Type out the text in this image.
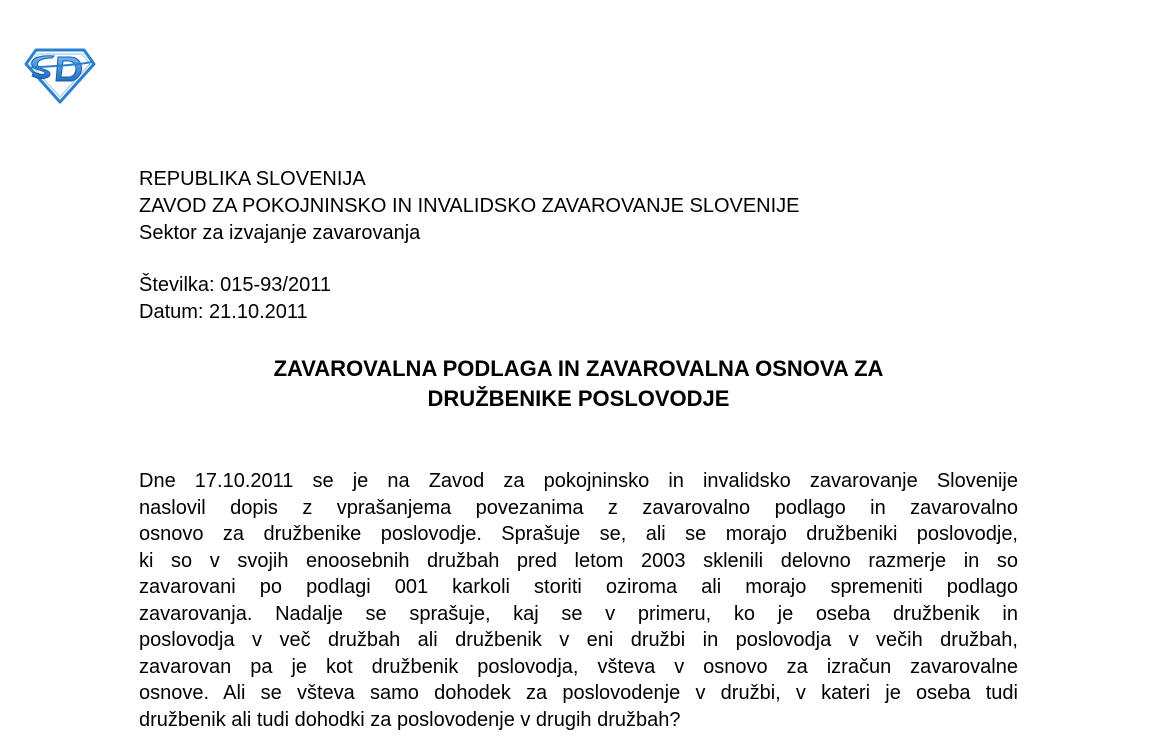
REPUBLIKA SLOVENIJA
ZAVOD ZA POKOJNINSKO IN INVALIDSKO ZAVAROVANJE SLOVENIJE
Sektor za izvajanje zavarovanja
Številka: 015-93/2011
Datum: 21.10.2011
ZAVAROVALNA PODLAGA IN ZAVAROVALNA OSNOVA ZA
DRUŽBENIKE POSLOVODJE
Dne 17.10.2011 se je na Zavod za pokojninsko in invalidsko zavarovanje Slovenije
naslovil dopis z vprašanjema povezanima z zavarovalno podlago in zavarovalno
osnovo za družbenike poslovodje. Sprašuje se, ali se morajo družbeniki poslovodje,
ki so v svojih enoosebnih družbah pred letom 2003 sklenili delovno razmerje in so
zavarovani po podlagi 001 karkoli storiti oziroma ali morajo spremeniti podlago
zavarovanja. Nadalje se sprašuje, kaj se v primeru, ko je oseba družbenik in
poslovodja v več družbah ali družbenik v eni družbi in poslovodja v večih družbah,
zavarovan pa je kot družbenik poslovodja, všteva v osnovo za izračun zavarovalne
osnove. Ali se všteva samo dohodek za poslovodenje v družbi, v kateri je oseba tudi
družbenik ali tudi dohodki za poslovodenje v drugih družbah?
